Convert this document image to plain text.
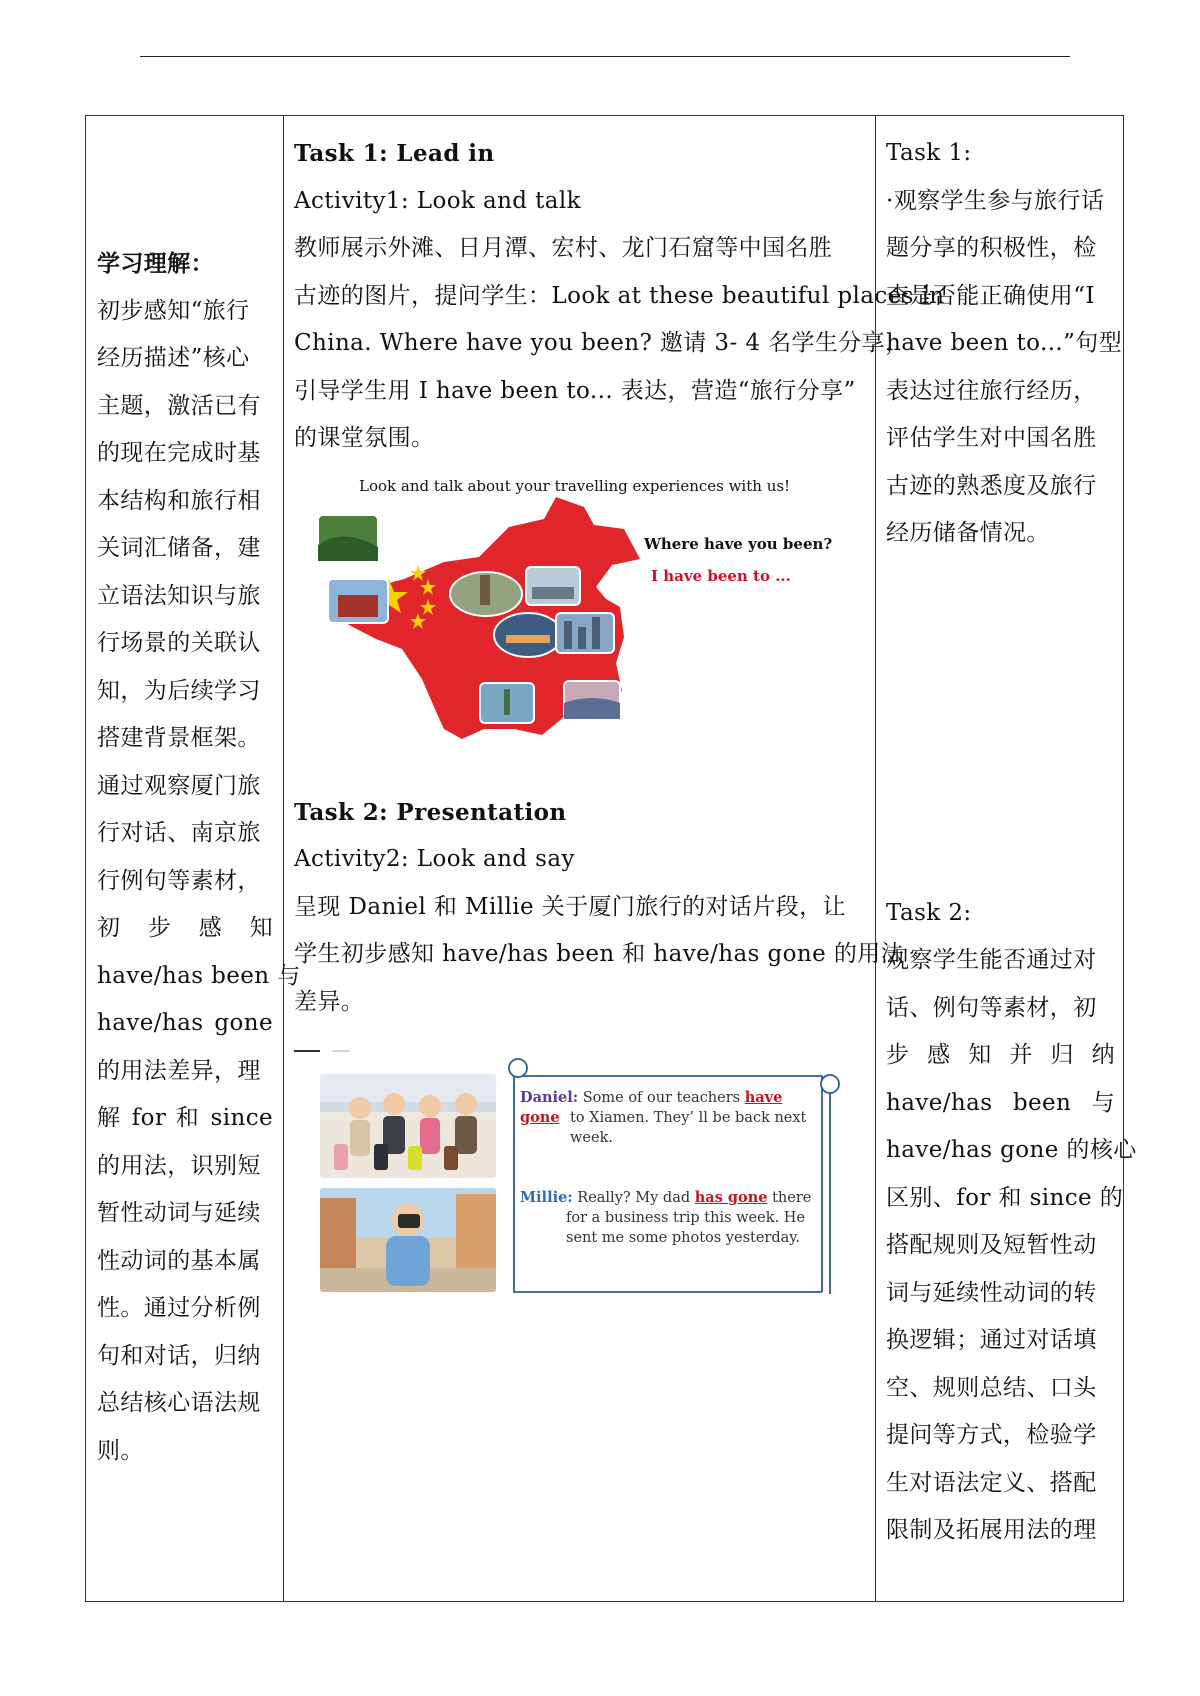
学习理解：
初步感知“旅行
经历描述”核心
主题，激活已有
的现在完成时基
本结构和旅行相
关词汇储备，建
立语法知识与旅
行场景的关联认
知，为后续学习
搭建背景框架。
通过观察厦门旅
行对话、南京旅
行例句等素材，
初 步 感 知
have/has been 与
have/has gone
的用法差异，理
解 for 和 since
的用法，识别短
暂性动词与延续
性动词的基本属
性。通过分析例
句和对话，归纳
总结核心语法规
则。
Task 1: Lead in
Activity1: Look and talk
教师展示外滩、日月潭、宏村、龙门石窟等中国名胜
古迹的图片，提问学生：Look at these beautiful places in
China. Where have you been? 邀请 3- 4 名学生分享，
引导学生用 I have been to... 表达，营造“旅行分享”
的课堂氛围。
Look and talk about your travelling experiences with us!
Where have you been?
I have been to ...
Task 2: Presentation
Activity2: Look and say
呈现 Daniel 和 Millie 关于厦门旅行的对话片段，让
学生初步感知 have/has been 和 have/has gone 的用法
差异。
Daniel: Some of our teachers have gone to Xiamen. They’ ll be back next
week.
Millie: Really? My dad has gone there
for a business trip this week. He
sent me some photos yesterday.
Task 1:
·观察学生参与旅行话
题分享的积极性，检
查是否能正确使用“I
have been to...”句型
表达过往旅行经历，
评估学生对中国名胜
古迹的熟悉度及旅行
经历储备情况。
Task 2:
观察学生能否通过对
话、例句等素材，初
步 感 知 并 归 纳
have/has been 与
have/has gone 的核心
区别、for 和 since 的
搭配规则及短暂性动
词与延续性动词的转
换逻辑；通过对话填
空、规则总结、口头
提问等方式，检验学
生对语法定义、搭配
限制及拓展用法的理
